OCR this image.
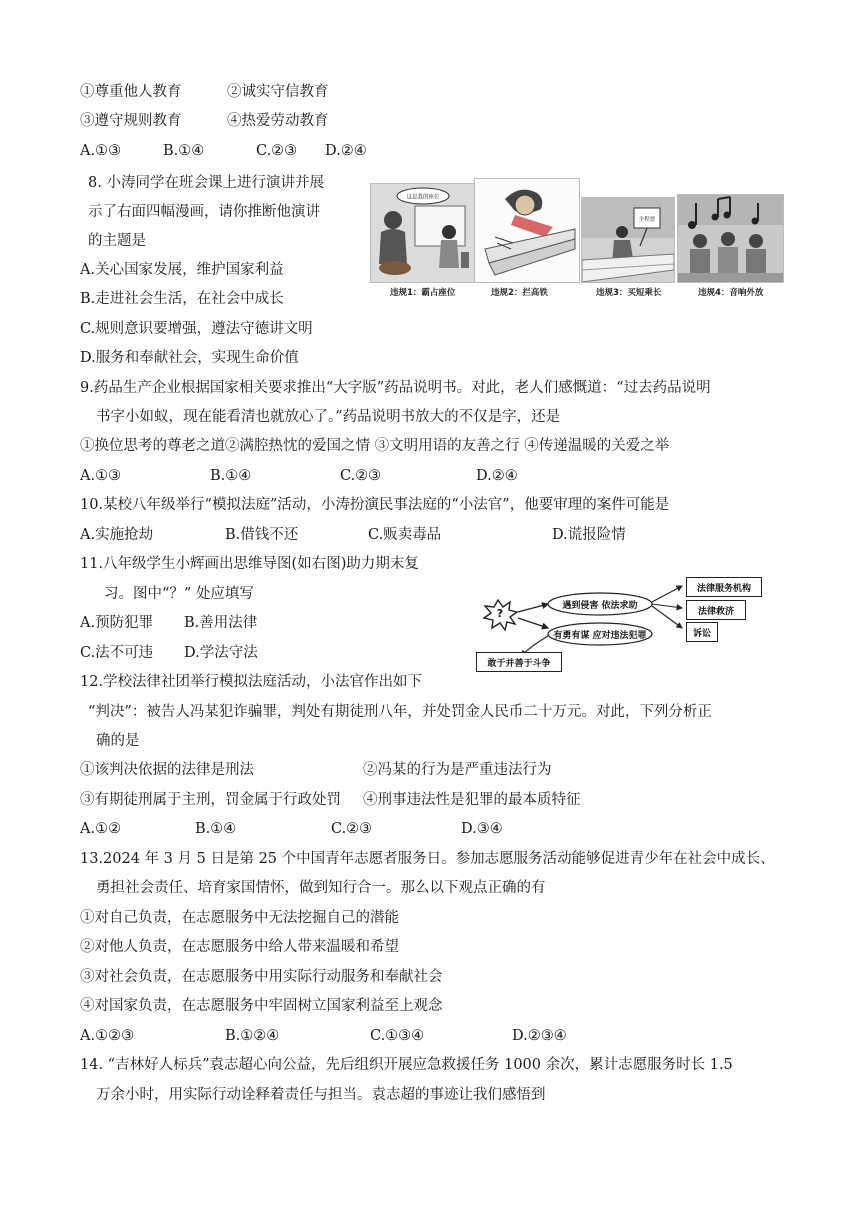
①尊重他人教育	②诚实守信教育
③遵守规则教育	④热爱劳动教育
A.①③	B.①④	C.②③ D.②④
8. 小涛同学在班会课上进行演讲并展
示了右面四幅漫画，请你推断他演讲
的主题是
A.关心国家发展，维护国家利益
B.走进社会生活，在社会中成长
C.规则意识要增强，遵法守德讲文明
D.服务和奉献社会，实现生命价值
这是我的座位
全程票
违规1：霸占座位	违规2：拦高铁	违规3：买短乘长	违规4：音响外放
9.药品生产企业根据国家相关要求推出“大字版”药品说明书。对此，老人们感慨道：“过去药品说明
书字小如蚁，现在能看清也就放心了。”药品说明书放大的不仅是字，还是
①换位思考的尊老之道②满腔热忱的爱国之情 ③文明用语的友善之行 ④传递温暖的关爱之举
A.①③	B.①④	C.②③	D.②④
10.某校八年级举行“模拟法庭”活动，小涛扮演民事法庭的“小法官”，他要审理的案件可能是
A.实施抢劫	B.借钱不还	C.贩卖毒品	D.谎报险情
11.八年级学生小辉画出思维导图(如右图)助力期末复
习。图中“？” 处应填写
A.预防犯罪 B.善用法律
C.法不可违 D.学法守法
?
遇到侵害 依法求助
有勇有谋 应对违法犯罪
法律服务机构
法律救济
诉讼
敢于并善于斗争
12.学校法律社团举行模拟法庭活动，小法官作出如下
“判决”：被告人冯某犯诈骗罪，判处有期徒刑八年，并处罚金人民币二十万元。对此，下列分析正
确的是
①该判决依据的法律是刑法	②冯某的行为是严重违法行为
③有期徒刑属于主刑，罚金属于行政处罚 ④刑事违法性是犯罪的最本质特征
A.①②	B.①④	C.②③	D.③④
13.2024 年 3 月 5 日是第 25 个中国青年志愿者服务日。参加志愿服务活动能够促进青少年在社会中成长、
勇担社会责任、培育家国情怀，做到知行合一。那么以下观点正确的有
①对自己负责，在志愿服务中无法挖掘自己的潜能
②对他人负责，在志愿服务中给人带来温暖和希望
③对社会负责，在志愿服务中用实际行动服务和奉献社会
④对国家负责，在志愿服务中牢固树立国家利益至上观念
A.①②③	B.①②④	C.①③④	D.②③④
14. “吉林好人标兵”袁志超心向公益，先后组织开展应急救援任务 1000 余次，累计志愿服务时长 1.5
万余小时，用实际行动诠释着责任与担当。袁志超的事迹让我们感悟到
